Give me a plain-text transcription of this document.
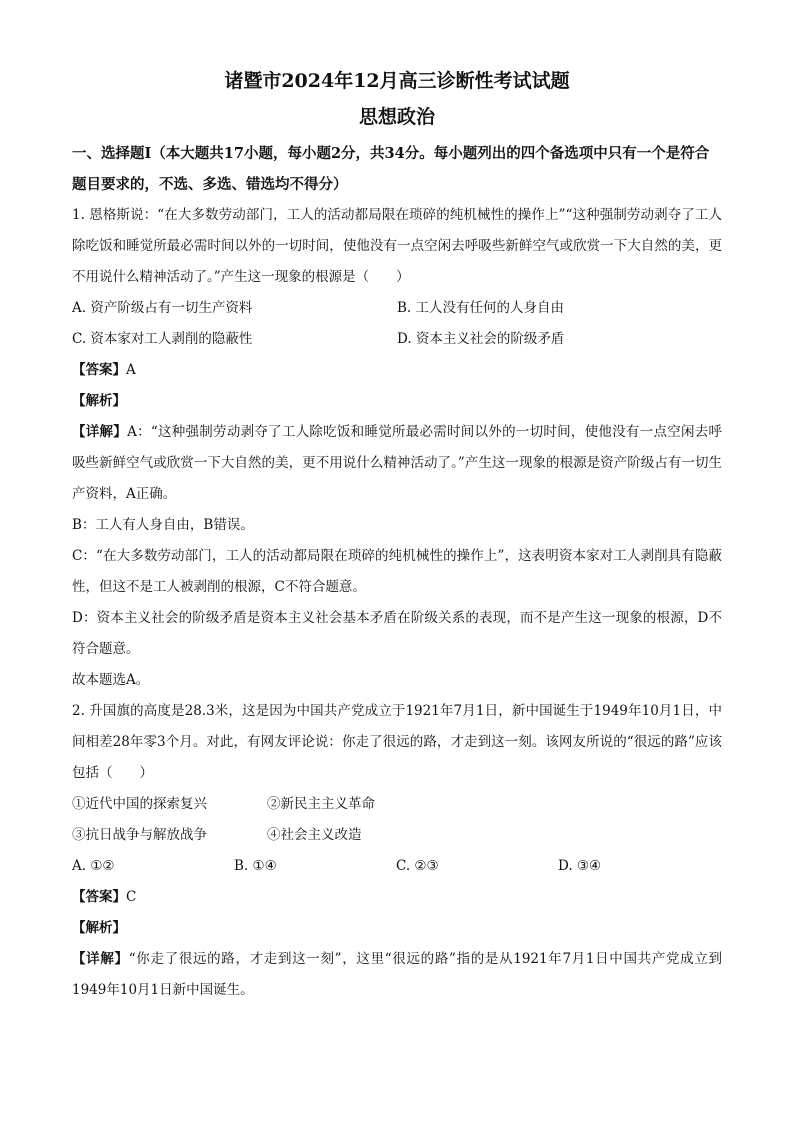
诸暨市2024年12月高三诊断性考试试题
思想政治
一、选择题Ⅰ（本大题共17小题，每小题2分，共34分。每小题列出的四个备选项中只有一个是符合题目要求的，不选、多选、错选均不得分）

1. 恩格斯说：“在大多数劳动部门，工人的活动都局限在琐碎的纯机械性的操作上”“这种强制劳动剥夺了工人除吃饭和睡觉所最必需时间以外的一切时间，使他没有一点空闲去呼吸些新鲜空气或欣赏一下大自然的美，更不用说什么精神活动了。”产生这一现象的根源是（　　）

A. 资产阶级占有一切生产资料	B. 工人没有任何的人身自由
C. 资本家对工人剥削的隐蔽性	D. 资本主义社会的阶级矛盾

【答案】A

【解析】

【详解】A：“这种强制劳动剥夺了工人除吃饭和睡觉所最必需时间以外的一切时间，使他没有一点空闲去呼吸些新鲜空气或欣赏一下大自然的美，更不用说什么精神活动了。”产生这一现象的根源是资产阶级占有一切生产资料，A正确。

B：工人有人身自由，B错误。

C：“在大多数劳动部门，工人的活动都局限在琐碎的纯机械性的操作上”，这表明资本家对工人剥削具有隐蔽性，但这不是工人被剥削的根源，C不符合题意。

D：资本主义社会的阶级矛盾是资本主义社会基本矛盾在阶级关系的表现，而不是产生这一现象的根源，D不符合题意。

故本题选A。

2. 升国旗的高度是28.3米，这是因为中国共产党成立于1921年7月1日，新中国诞生于1949年10月1日，中间相差28年零3个月。对此，有网友评论说：你走了很远的路，才走到这一刻。该网友所说的“很远的路”应该包括（　　）

①近代中国的探索复兴	②新民主主义革命
③抗日战争与解放战争	④社会主义改造
A. ①②	B. ①④	C. ②③	D. ③④

【答案】C

【解析】

【详解】“你走了很远的路，才走到这一刻”，这里“很远的路”指的是从1921年7月1日中国共产党成立到1949年10月1日新中国诞生。
